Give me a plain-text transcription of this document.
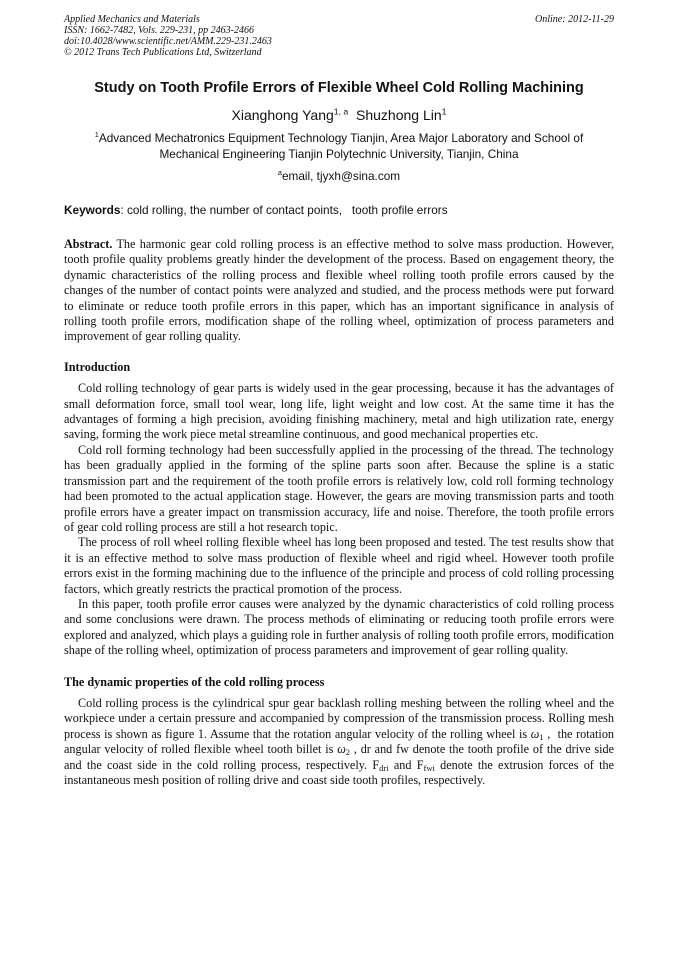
Applied Mechanics and Materials
ISSN: 1662-7482, Vols. 229-231, pp 2463-2466
doi:10.4028/www.scientific.net/AMM.229-231.2463
© 2012 Trans Tech Publications Ltd, Switzerland
Online: 2012-11-29
Study on Tooth Profile Errors of Flexible Wheel Cold Rolling Machining
Xianghong Yang$^{1, a}$ Shuzhong Lin$^1$
$^1$Advanced Mechatronics Equipment Technology Tianjin, Area Major Laboratory and School of
Mechanical Engineering Tianjin Polytechnic University, Tianjin, China
$^a$email, tjyxh@sina.com
Keywords: cold rolling, the number of contact points,   tooth profile errors
Abstract. The harmonic gear cold rolling process is an effective method to solve mass production. However, tooth profile quality problems greatly hinder the development of the process. Based on engagement theory, the dynamic characteristics of the rolling process and flexible wheel rolling tooth profile errors caused by the changes of the number of contact points were analyzed and studied, and the process methods were put forward to eliminate or reduce tooth profile errors in this paper, which has an important significance in analysis of rolling tooth profile errors, modification shape of the rolling wheel, optimization of process parameters and improvement of gear rolling quality.
Introduction
Cold rolling technology of gear parts is widely used in the gear processing, because it has the advantages of small deformation force, small tool wear, long life, light weight and low cost. At the same time it has the advantages of forming a high precision, avoiding finishing machinery, metal and high utilization rate, energy saving, forming the work piece metal streamline continuous, and good mechanical properties etc.
Cold roll forming technology had been successfully applied in the processing of the thread. The technology has been gradually applied in the forming of the spline parts soon after. Because the spline is a static transmission part and the requirement of the tooth profile errors is relatively low, cold roll forming technology had been promoted to the actual application stage. However, the gears are moving transmission parts and tooth profile errors have a greater impact on transmission accuracy, life and noise. Therefore, the tooth profile errors of gear cold rolling process are still a hot research topic.
The process of roll wheel rolling flexible wheel has long been proposed and tested. The test results show that it is an effective method to solve mass production of flexible wheel and rigid wheel. However tooth profile errors exist in the forming machining due to the influence of the principle and process of cold rolling processing factors, which greatly restricts the practical promotion of the process.
In this paper, tooth profile error causes were analyzed by the dynamic characteristics of cold rolling process and some conclusions were drawn. The process methods of eliminating or reducing tooth profile errors were explored and analyzed, which plays a guiding role in further analysis of rolling tooth profile errors, modification shape of the rolling wheel, optimization of process parameters and improvement of gear rolling quality.
The dynamic properties of the cold rolling process
Cold rolling process is the cylindrical spur gear backlash rolling meshing between the rolling wheel and the workpiece under a certain pressure and accompanied by compression of the transmission process. Rolling mesh process is shown as figure 1. Assume that the rotation angular velocity of the rolling wheel is $\omega_1$ ,  the rotation angular velocity of rolled flexible wheel tooth billet is $\omega_2$ , dr and fw denote the tooth profile of the drive side and the coast side in the cold rolling process, respectively. $F_{dri}$ and $F_{fwi}$ denote the extrusion forces of the instantaneous mesh position of rolling drive and coast side tooth profiles, respectively.
